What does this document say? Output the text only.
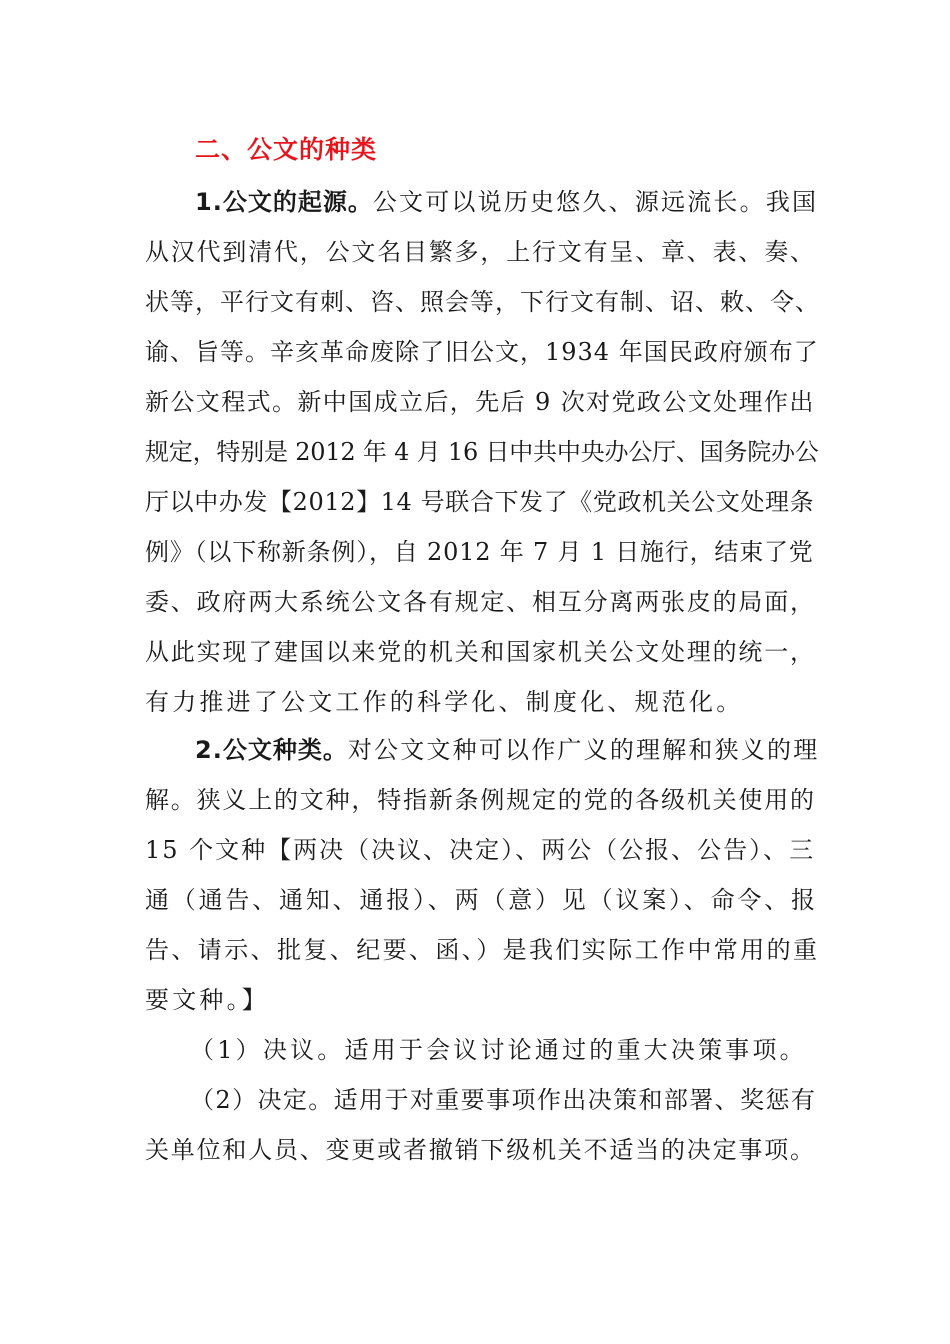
二、公文的种类
1.公文的起源。公文可以说历史悠久、源远流长。我国
从汉代到清代，公文名目繁多，上行文有呈、章、表、奏、
状等，平行文有刺、咨、照会等，下行文有制、诏、敕、令、
谕、旨等。辛亥革命废除了旧公文，1934 年国民政府颁布了
新公文程式。新中国成立后，先后 9 次对党政公文处理作出
规定，特别是 2012 年 4 月 16 日中共中央办公厅、国务院办公
厅以中办发【2012】14 号联合下发了《党政机关公文处理条
例》（以下称新条例），自 2012 年 7 月 1 日施行，结束了党
委、政府两大系统公文各有规定、相互分离两张皮的局面，
从此实现了建国以来党的机关和国家机关公文处理的统一，
有力推进了公文工作的科学化、制度化、规范化。
2.公文种类。对公文文种可以作广义的理解和狭义的理
解。狭义上的文种，特指新条例规定的党的各级机关使用的
15 个文种【两决（决议、决定）、两公（公报、公告）、三
通（通告、通知、通报）、两（意）见（议案）、命令、报
告、请示、批复、纪要、函、）是我们实际工作中常用的重
要文种。】
（1）决议。适用于会议讨论通过的重大决策事项。
（2）决定。适用于对重要事项作出决策和部署、奖惩有
关单位和人员、变更或者撤销下级机关不适当的决定事项。
